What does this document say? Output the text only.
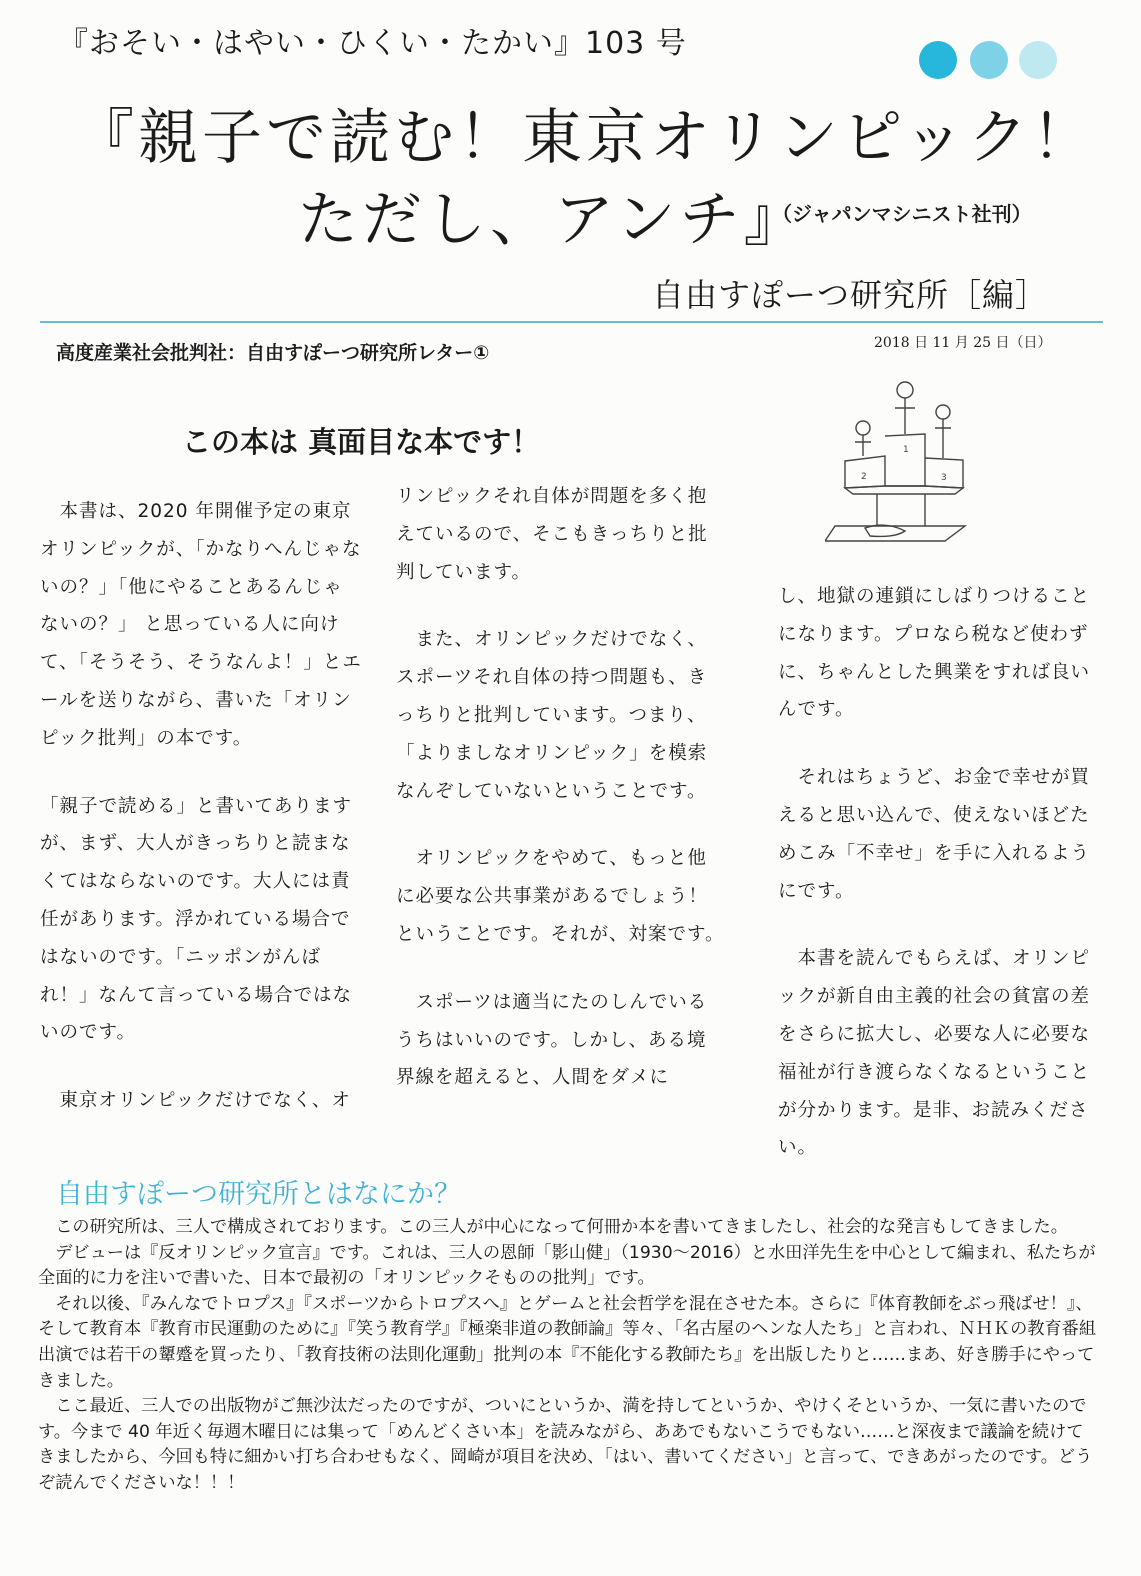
『おそい・はやい・ひくい・たかい』103 号
『親子で読む！東京オリンピック！
ただし、アンチ』
（ジャパンマシニスト社刊）
自由すぽーつ研究所［編］
高度産業社会批判社：自由すぽーつ研究所レター①	2018 日 11 月 25 日（日）
2
1
3
この本は 真面目な本です！

　本書は、2020 年開催予定の東京オリンピックが、「かなりへんじゃないの？」「他にやることあるんじゃないの？」 と思っている人に向けて、「そうそう、そうなんよ！」とエールを送りながら、書いた「オリンピック批判」の本です。

「親子で読める」と書いてありますが、まず、大人がきっちりと読まなくてはならないのです。大人には責任があります。浮かれている場合ではないのです。「ニッポンがんばれ！」なんて言っている場合ではないのです。

　東京オリンピックだけでなく、オ

リンピックそれ自体が問題を多く抱えているので、そこもきっちりと批判しています。

　また、オリンピックだけでなく、スポーツそれ自体の持つ問題も、きっちりと批判しています。つまり、「よりましなオリンピック」を模索なんぞしていないということです。

　オリンピックをやめて、もっと他に必要な公共事業があるでしょう！ということです。それが、対案です。

　スポーツは適当にたのしんでいるうちはいいのです。しかし、ある境界線を超えると、人間をダメに

し、地獄の連鎖にしばりつけることになります。プロなら税など使わずに、ちゃんとした興業をすれば良いんです。

　それはちょうど、お金で幸せが買えると思い込んで、使えないほどためこみ「不幸せ」を手に入れるようにです。

　本書を読んでもらえば、オリンピックが新自由主義的社会の貧富の差をさらに拡大し、必要な人に必要な福祉が行き渡らなくなるということが分かります。是非、お読みください。

自由すぽーつ研究所とはなにか？

　この研究所は、三人で構成されております。この三人が中心になって何冊か本を書いてきましたし、社会的な発言もしてきました。

　デビューは『反オリンピック宣言』です。これは、三人の恩師「影山健」（1930〜2016）と水田洋先生を中心として編まれ、私たちが全面的に力を注いで書いた、日本で最初の「オリンピックそものの批判」です。

　それ以後、『みんなでトロプス』『スポーツからトロプスへ』とゲームと社会哲学を混在させた本。さらに『体育教師をぶっ飛ばせ！』、そして教育本『教育市民運動のために』『笑う教育学』『極楽非道の教師論』等々、「名古屋のヘンな人たち」と言われ、ＮＨＫの教育番組出演では若干の顰蹙を買ったり、「教育技術の法則化運動」批判の本『不能化する教師たち』を出版したりと……まあ、好き勝手にやってきました。

　ここ最近、三人での出版物がご無沙汰だったのですが、ついにというか、満を持してというか、やけくそというか、一気に書いたのです。今まで 40 年近く毎週木曜日には集って「めんどくさい本」を読みながら、ああでもないこうでもない……と深夜まで議論を続けてきましたから、今回も特に細かい打ち合わせもなく、岡崎が項目を決め、「はい、書いてください」と言って、できあがったのです。どうぞ読んでくださいな！！！
